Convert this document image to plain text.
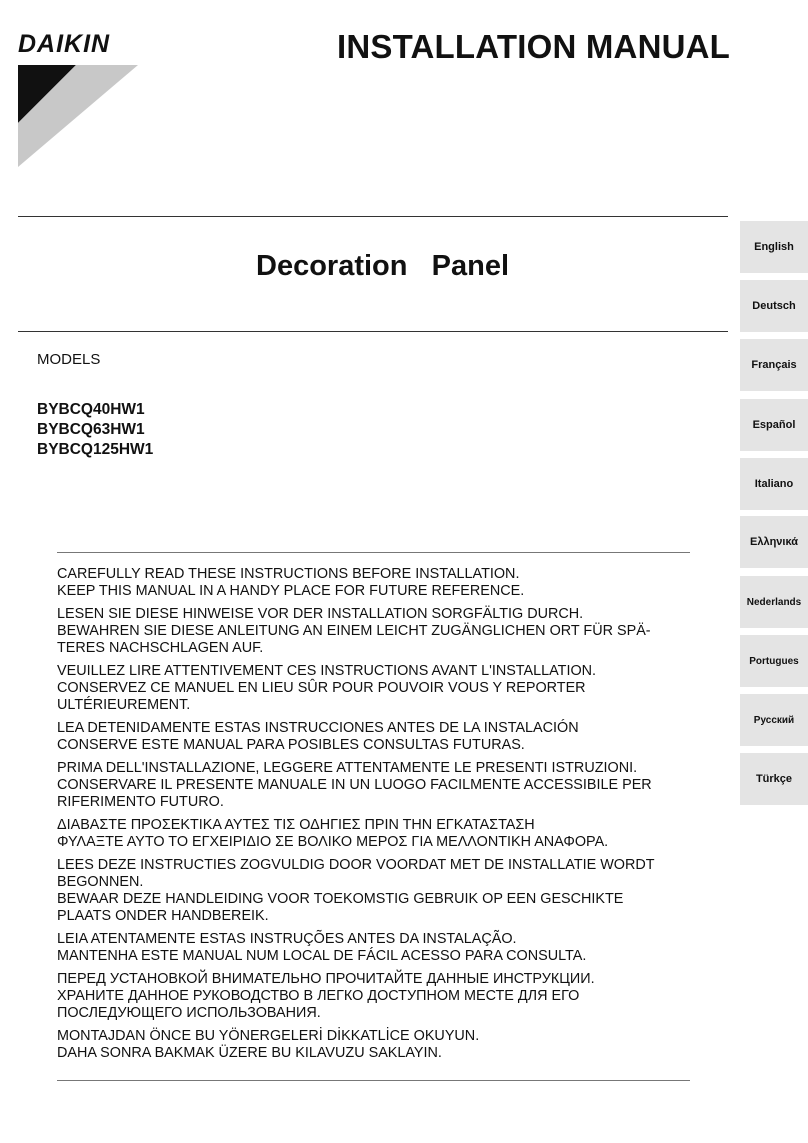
DAIKIN	INSTALLATION MANUAL
Decoration   Panel
MODELS
BYBCQ40HW1
BYBCQ63HW1
BYBCQ125HW1
CAREFULLY READ THESE INSTRUCTIONS BEFORE INSTALLATION.
KEEP THIS MANUAL IN A HANDY PLACE FOR FUTURE REFERENCE.
LESEN SIE DIESE HINWEISE VOR DER INSTALLATION SORGFÄLTIG DURCH.
BEWAHREN SIE DIESE ANLEITUNG AN EINEM LEICHT ZUGÄNGLICHEN ORT FÜR SPÄ-
TERES NACHSCHLAGEN AUF.
VEUILLEZ LIRE ATTENTIVEMENT CES INSTRUCTIONS AVANT L'INSTALLATION.
CONSERVEZ CE MANUEL EN LIEU SÛR POUR POUVOIR VOUS Y REPORTER
ULTÉRIEUREMENT.
LEA DETENIDAMENTE ESTAS INSTRUCCIONES ANTES DE LA INSTALACIÓN
CONSERVE ESTE MANUAL PARA POSIBLES CONSULTAS FUTURAS.
PRIMA DELL'INSTALLAZIONE, LEGGERE ATTENTAMENTE LE PRESENTI ISTRUZIONI.
CONSERVARE IL PRESENTE MANUALE IN UN LUOGO FACILMENTE ACCESSIBILE PER
RIFERIMENTO FUTURO.
ΔΙΑΒΑΣΤΕ ΠΡΟΣΕΚΤΙΚΑ ΑΥΤΕΣ ΤΙΣ ΟΔΗΓΙΕΣ ΠΡΙΝ ΤΗΝ ΕΓΚΑΤΑΣΤΑΣΗ
ΦΥΛΑΞΤΕ ΑΥΤΟ ΤΟ ΕΓΧΕΙΡΙΔΙΟ ΣΕ ΒΟΛΙΚΟ ΜΕΡΟΣ ΓΙΑ ΜΕΛΛΟΝΤΙΚΗ ΑΝΑΦΟΡΑ.
LEES DEZE INSTRUCTIES ZOGVULDIG DOOR VOORDAT MET DE INSTALLATIE WORDT
BEGONNEN.
BEWAAR DEZE HANDLEIDING VOOR TOEKOMSTIG GEBRUIK OP EEN GESCHIKTE
PLAATS ONDER HANDBEREIK.
LEIA ATENTAMENTE ESTAS INSTRUÇÕES ANTES DA INSTALAÇÃO.
MANTENHA ESTE MANUAL NUM LOCAL DE FÁCIL ACESSO PARA CONSULTA.
ПЕРЕД УСТАНОВКОЙ ВНИМАТЕЛЬНО ПРОЧИТАЙТЕ ДАННЫЕ ИНСТРУКЦИИ.
ХРАНИТЕ ДАННОЕ РУКОВОДСТВО В ЛЕГКО ДОСТУПНОМ МЕСТЕ ДЛЯ ЕГО
ПОСЛЕДУЮЩЕГО ИСПОЛЬЗОВАНИЯ.
MONTAJDAN ÖNCE BU YÖNERGELERİ DİKKATLİCE OKUYUN.
DAHA SONRA BAKMAK ÜZERE BU KILAVUZU SAKLAYIN.
English
Deutsch
Français
Español
Italiano
Ελληνικά
Nederlands
Portugues
Русский
Türkçe
